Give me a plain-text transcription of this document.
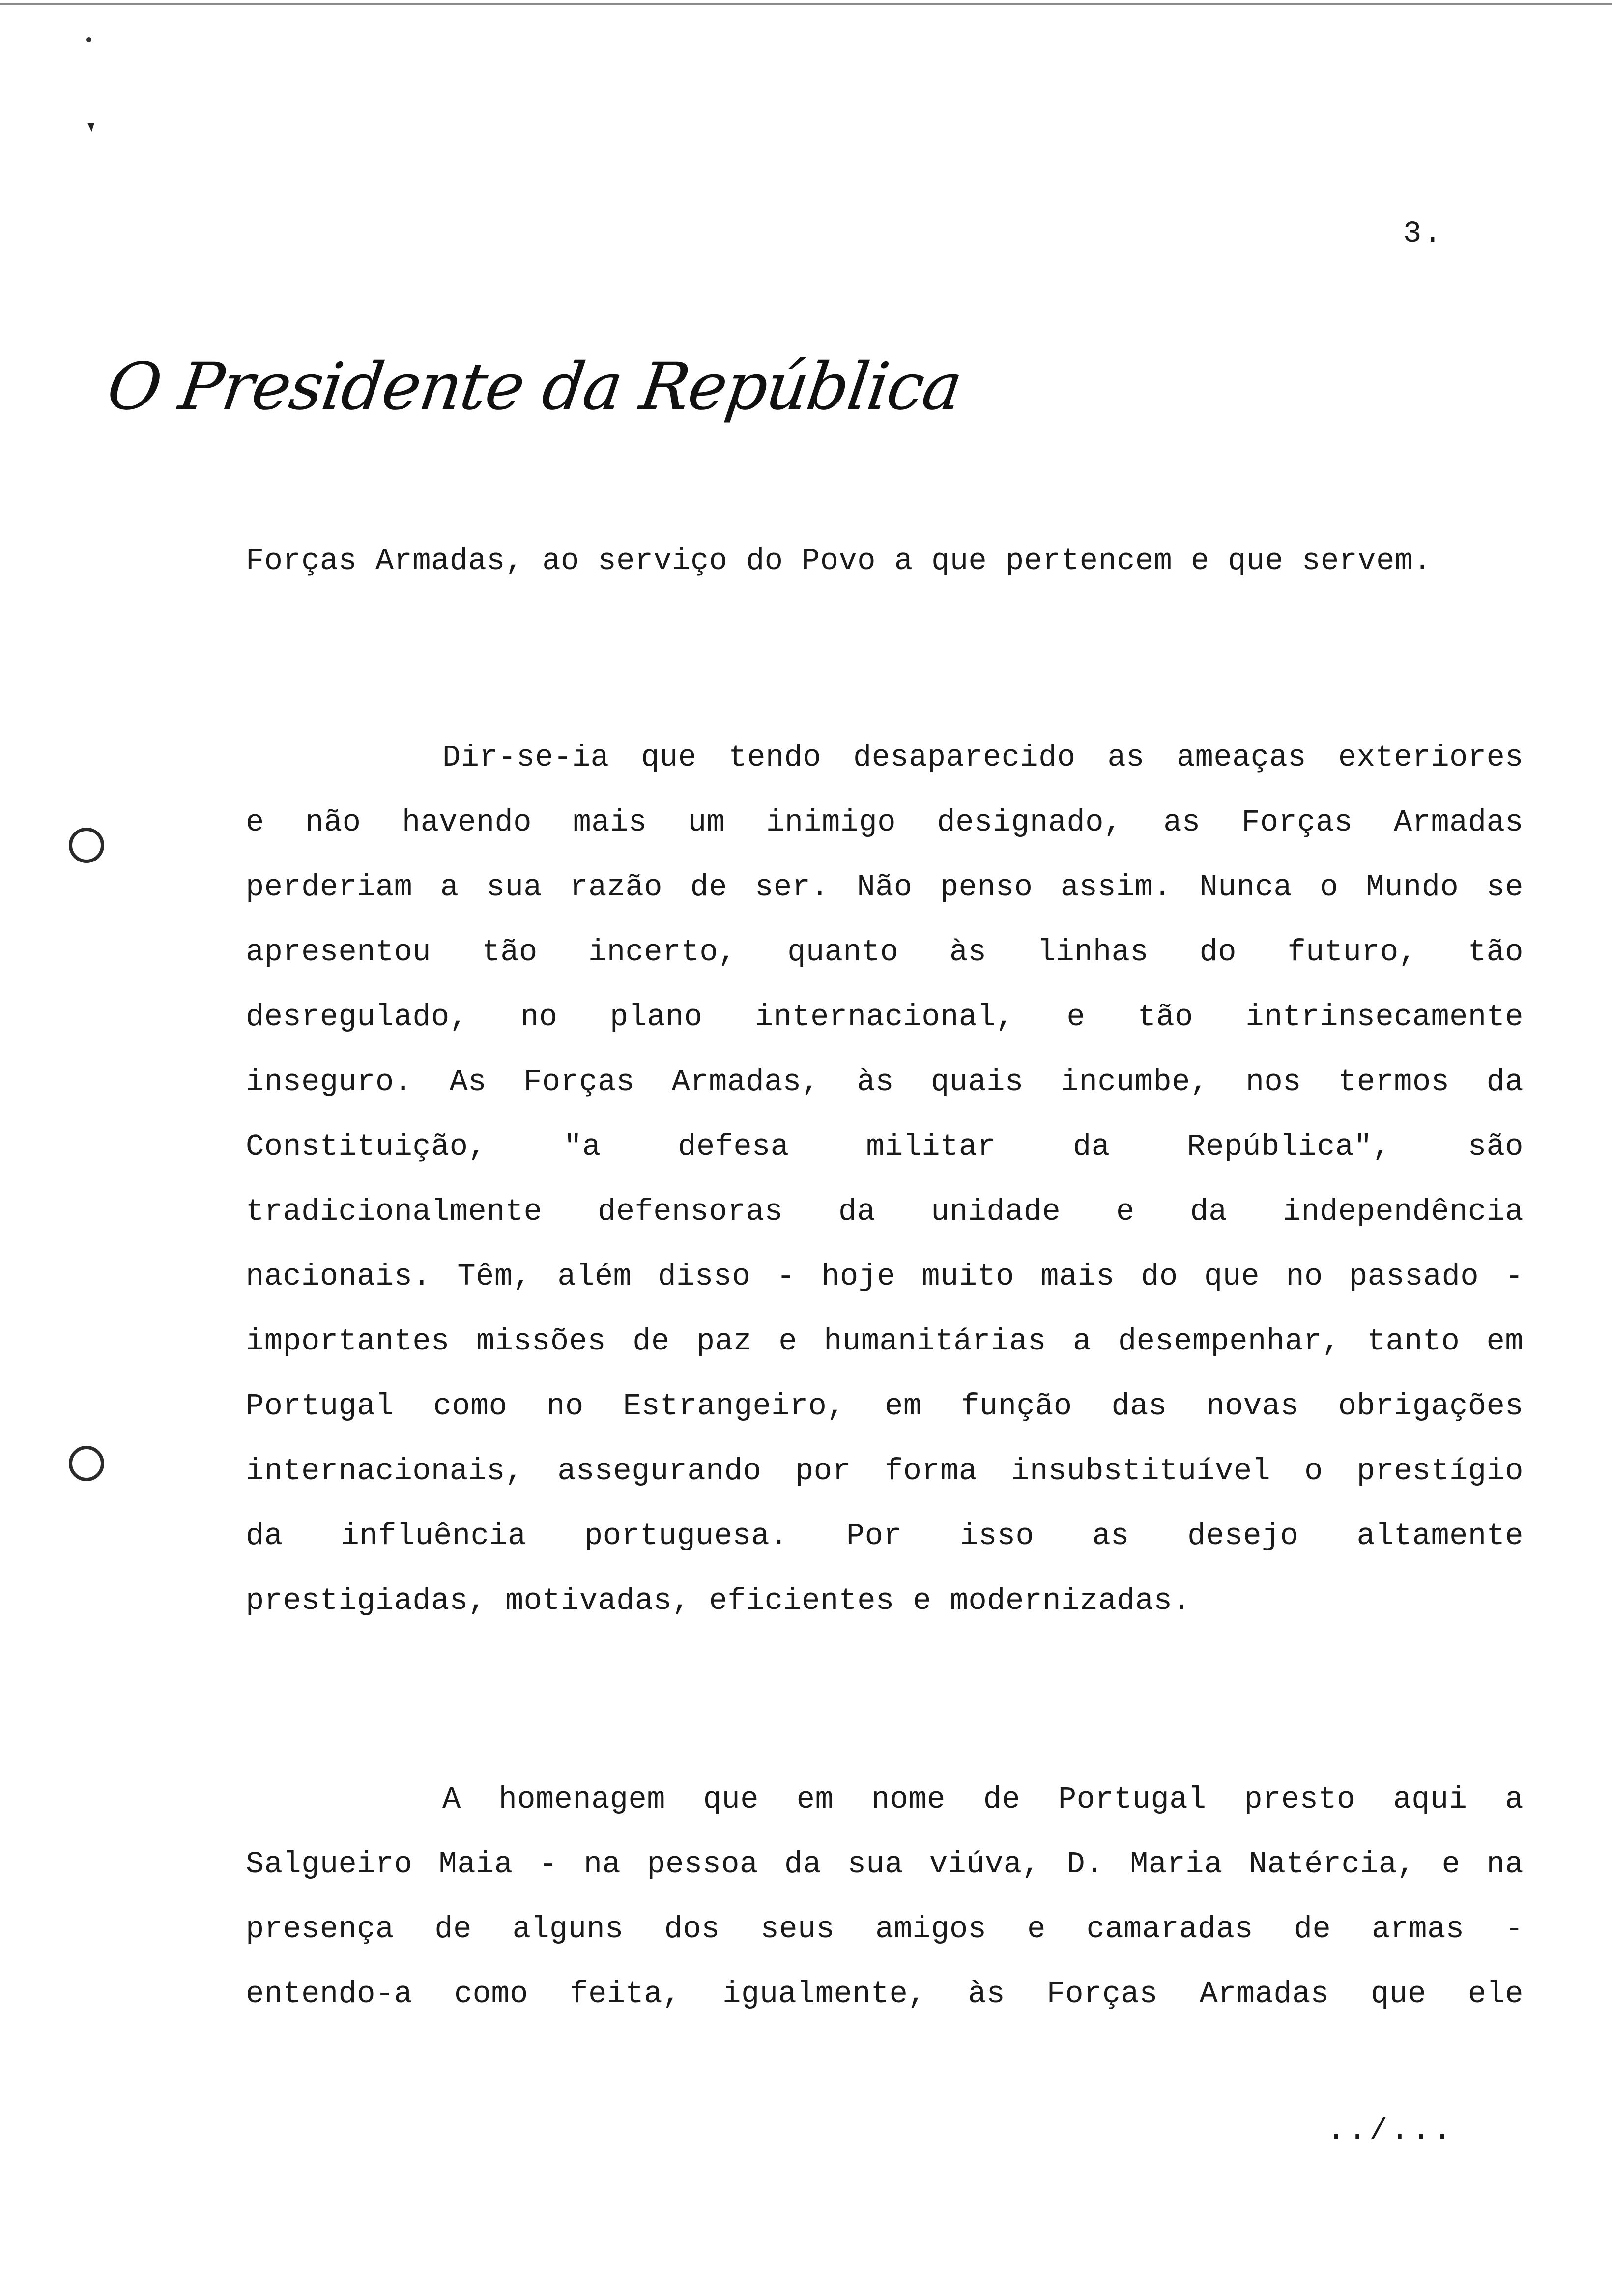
3.
O Presidente da República
Forças Armadas, ao serviço do Povo a que pertencem e que servem.
Dir-se-ia que tendo desaparecido as ameaças exteriores
e não havendo mais um inimigo designado, as Forças Armadas
perderiam a sua razão de ser. Não penso assim. Nunca o Mundo se
apresentou tão incerto, quanto às linhas do futuro, tão
desregulado, no plano internacional, e tão intrinsecamente
inseguro. As Forças Armadas, às quais incumbe, nos termos da
Constituição, "a defesa militar da República", são
tradicionalmente defensoras da unidade e da independência
nacionais. Têm, além disso - hoje muito mais do que no passado -
importantes missões de paz e humanitárias a desempenhar, tanto em
Portugal como no Estrangeiro, em função das novas obrigações
internacionais, assegurando por forma insubstituível o prestígio
da influência portuguesa. Por isso as desejo altamente
prestigiadas, motivadas, eficientes e modernizadas.
A homenagem que em nome de Portugal presto aqui a
Salgueiro Maia - na pessoa da sua viúva, D. Maria Natércia, e na
presença de alguns dos seus amigos e camaradas de armas -
entendo-a como feita, igualmente, às Forças Armadas que ele
../...
